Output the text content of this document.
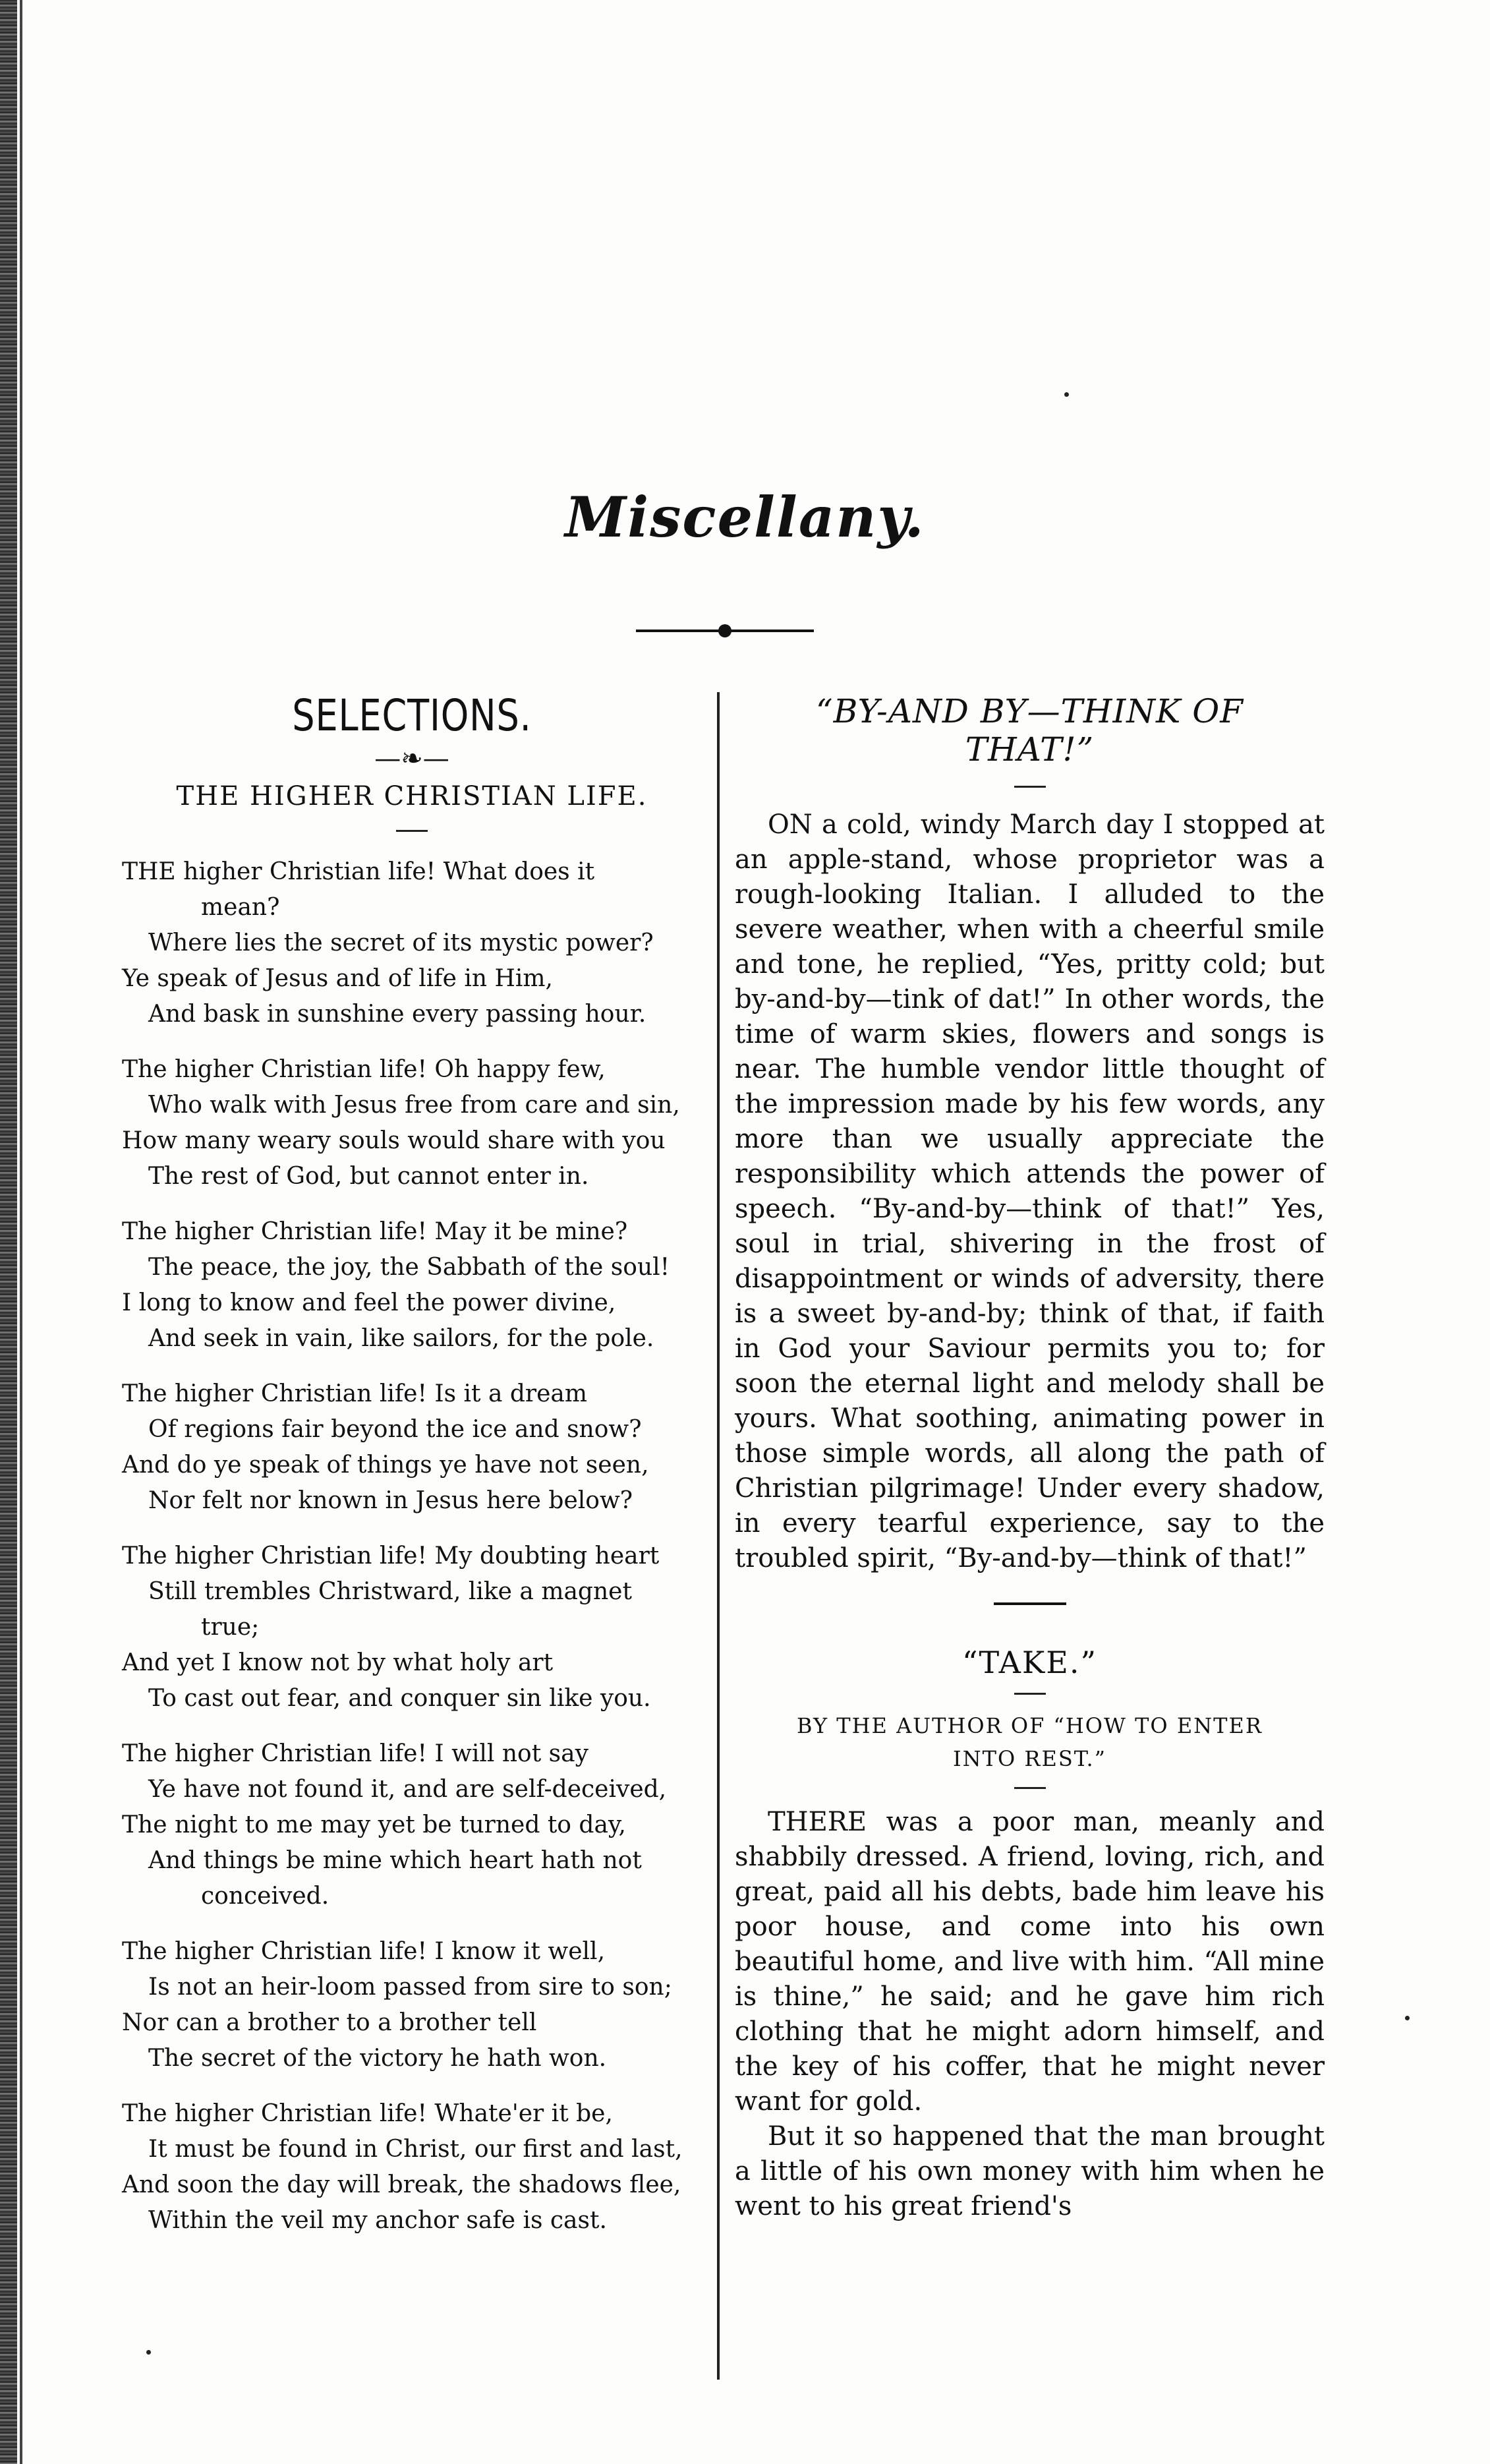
Miscellany.
SELECTIONS.
—❧—
THE HIGHER CHRISTIAN LIFE.
THE higher Christian life! What does it
mean?
Where lies the secret of its mystic power?
Ye speak of Jesus and of life in Him,
And bask in sunshine every passing hour.
The higher Christian life! Oh happy few,
Who walk with Jesus free from care and sin,
How many weary souls would share with you
The rest of God, but cannot enter in.
The higher Christian life! May it be mine?
The peace, the joy, the Sabbath of the soul!
I long to know and feel the power divine,
And seek in vain, like sailors, for the pole.
The higher Christian life! Is it a dream
Of regions fair beyond the ice and snow?
And do ye speak of things ye have not seen,
Nor felt nor known in Jesus here below?
The higher Christian life! My doubting heart
Still trembles Christward, like a magnet
true;
And yet I know not by what holy art
To cast out fear, and conquer sin like you.
The higher Christian life! I will not say
Ye have not found it, and are self-deceived,
The night to me may yet be turned to day,
And things be mine which heart hath not
conceived.
The higher Christian life! I know it well,
Is not an heir-loom passed from sire to son;
Nor can a brother to a brother tell
The secret of the victory he hath won.
The higher Christian life! Whate'er it be,
It must be found in Christ, our first and last,
And soon the day will break, the shadows flee,
Within the veil my anchor safe is cast.
“BY-AND BY—THINK OF
THAT!”

ON a cold, windy March day I stopped at an apple-stand, whose proprietor was a rough-looking Italian. I alluded to the severe weather, when with a cheerful smile and tone, he replied, “Yes, pritty cold; but by-and-by—tink of dat!” In other words, the time of warm skies, flowers and songs is near. The humble vendor little thought of the impression made by his few words, any more than we usually appreciate the responsibility which attends the power of speech. “By-and-by—think of that!” Yes, soul in trial, shivering in the frost of disappointment or winds of adversity, there is a sweet by-and-by; think of that, if faith in God your Saviour permits you to; for soon the eternal light and melody shall be yours. What soothing, animating power in those simple words, all along the path of Christian pilgrimage! Under every shadow, in every tearful experience, say to the troubled spirit, “By-and-by—think of that!”

“TAKE.”
BY THE AUTHOR OF “HOW TO ENTER
INTO REST.”

THERE was a poor man, meanly and shabbily dressed. A friend, loving, rich, and great, paid all his debts, bade him leave his poor house, and come into his own beautiful home, and live with him. “All mine is thine,” he said; and he gave him rich clothing that he might adorn himself, and the key of his coffer, that he might never want for gold.

But it so happened that the man brought a little of his own money with him when he went to his great friend's
